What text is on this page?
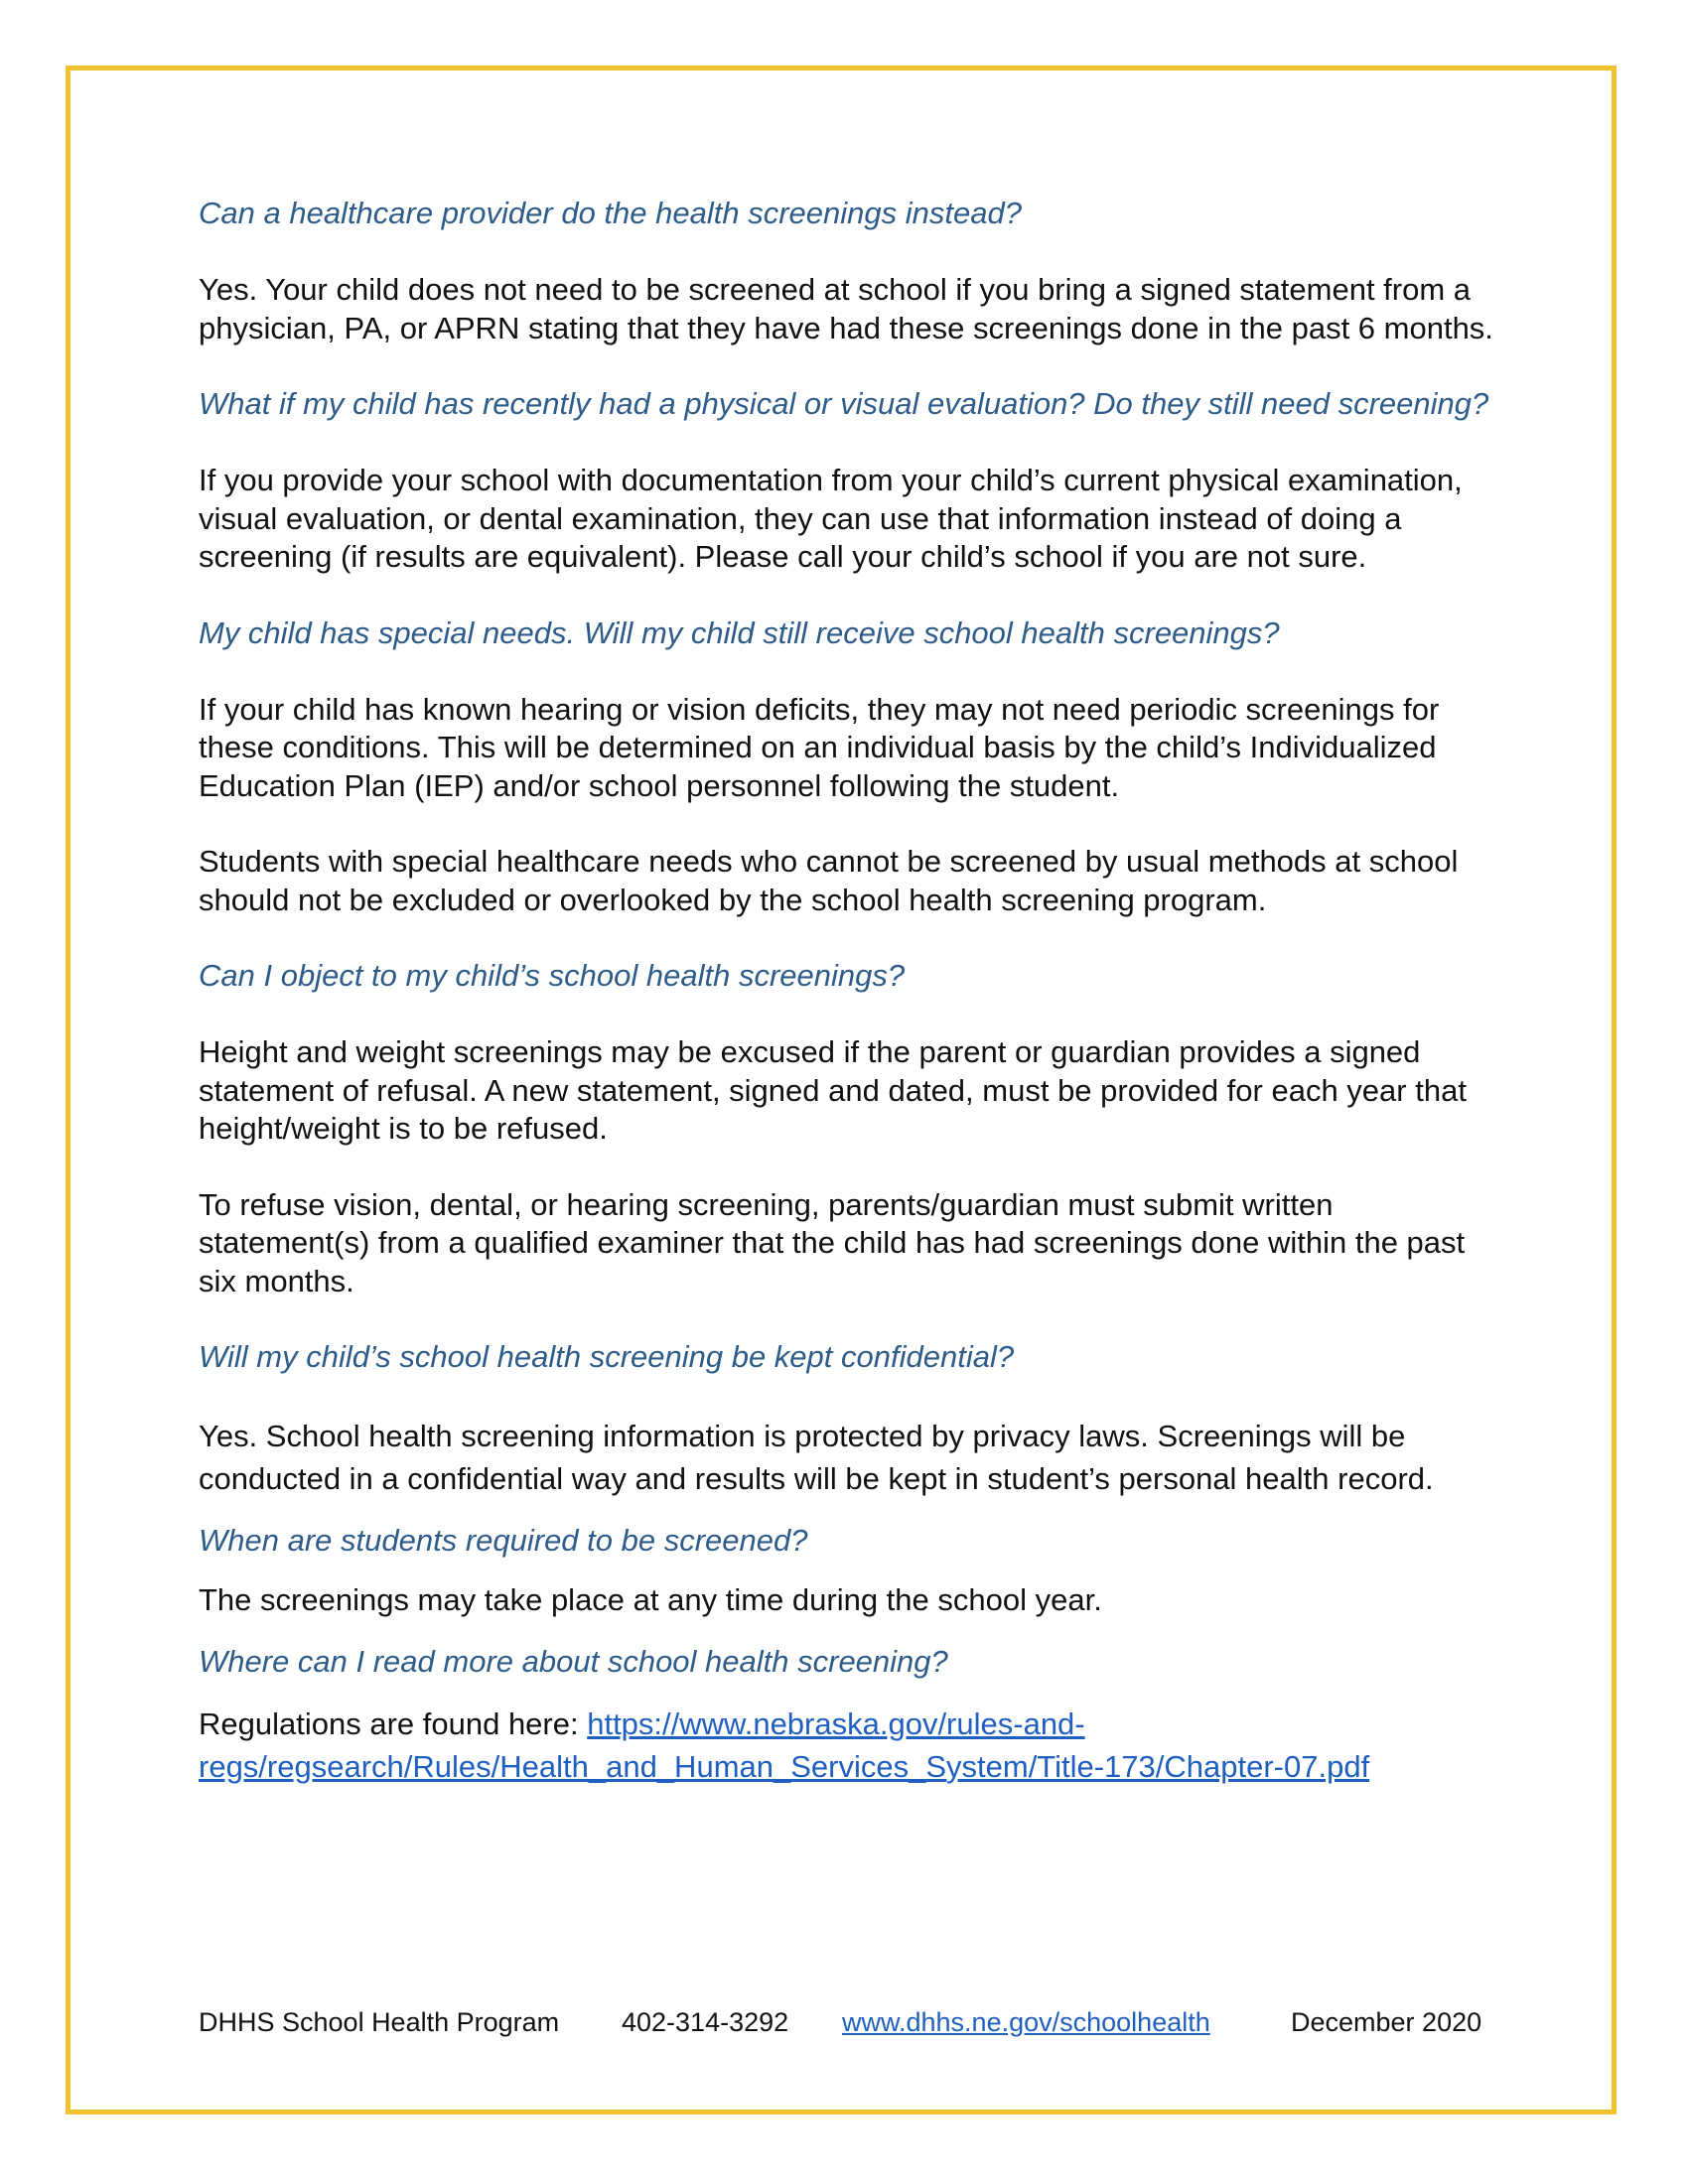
Can a healthcare provider do the health screenings instead?

Yes. Your child does not need to be screened at school if you bring a signed statement from a physician, PA, or APRN stating that they have had these screenings done in the past 6 months.

What if my child has recently had a physical or visual evaluation? Do they still need screening?

If you provide your school with documentation from your child’s current physical examination, visual evaluation, or dental examination, they can use that information instead of doing a screening (if results are equivalent). Please call your child’s school if you are not sure.

My child has special needs. Will my child still receive school health screenings?

If your child has known hearing or vision deficits, they may not need periodic screenings for these conditions. This will be determined on an individual basis by the child’s Individualized Education Plan (IEP) and/or school personnel following the student.

Students with special healthcare needs who cannot be screened by usual methods at school should not be excluded or overlooked by the school health screening program.

Can I object to my child’s school health screenings?

Height and weight screenings may be excused if the parent or guardian provides a signed statement of refusal. A new statement, signed and dated, must be provided for each year that height/weight is to be refused.

To refuse vision, dental, or hearing screening, parents/guardian must submit written statement(s) from a qualified examiner that the child has had screenings done within the past six months.

Will my child’s school health screening be kept confidential?

Yes. School health screening information is protected by privacy laws. Screenings will be conducted in a confidential way and results will be kept in student’s personal health record.

When are students required to be screened?

The screenings may take place at any time during the school year.

Where can I read more about school health screening?

Regulations are found here: https://www.nebraska.gov/rules-and-
regs/regsearch/Rules/Health_and_Human_Services_System/Title-173/Chapter-07.pdf

DHHS School Health Program	402-314-3292	www.dhhs.ne.gov/schoolhealth	December 2020
